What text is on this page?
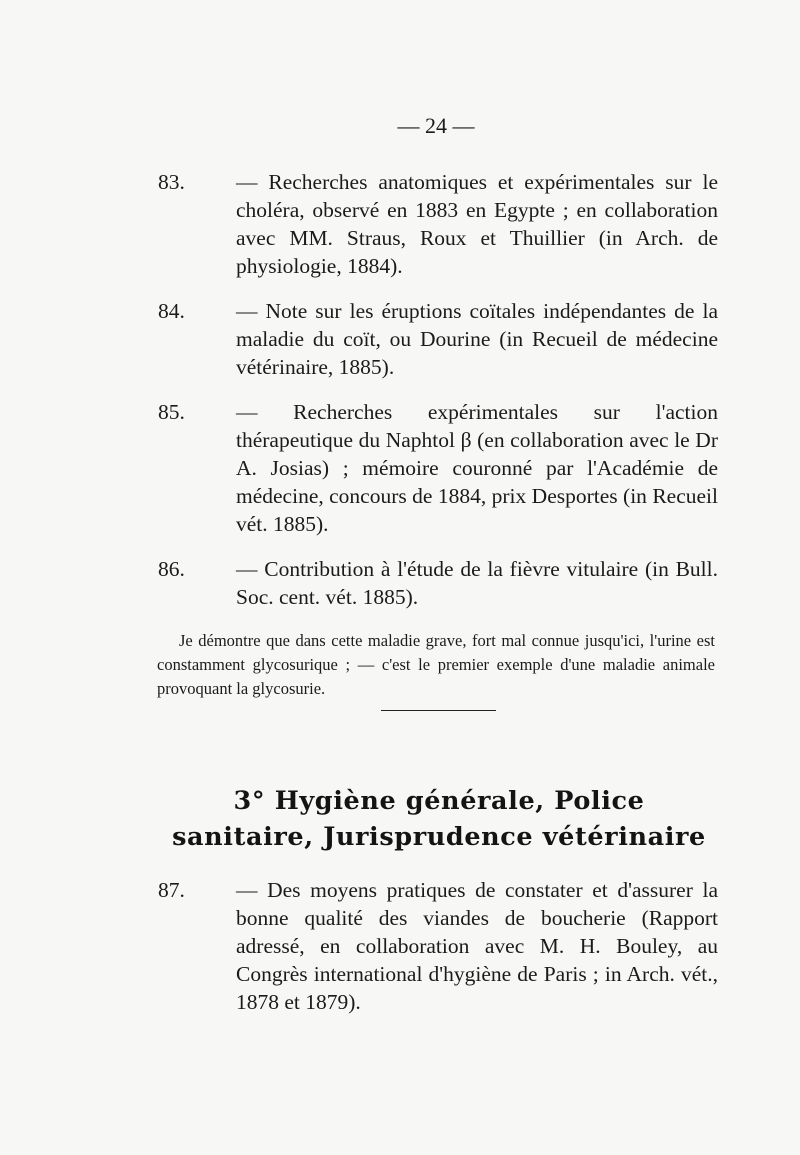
— 24 —
83. — Recherches anatomiques et expérimentales sur le choléra, observé en 1883 en Egypte ; en collaboration avec MM. Straus, Roux et Thuillier (in Arch. de physiologie, 1884).
84. — Note sur les éruptions coïtales indépendantes de la maladie du coït, ou Dourine (in Recueil de médecine vétérinaire, 1885).
85. — Recherches expérimentales sur l'action thérapeutique du Naphtol β (en collaboration avec le Dr A. Josias) ; mémoire couronné par l'Académie de médecine, concours de 1884, prix Desportes (in Recueil vét. 1885).
86. — Contribution à l'étude de la fièvre vitulaire (in Bull. Soc. cent. vét. 1885).

Je démontre que dans cette maladie grave, fort mal connue jusqu'ici, l'urine est constamment glycosurique ; — c'est le premier exemple d'une maladie animale provoquant la glycosurie.

3° Hygiène générale, Police sanitaire, Jurisprudence vétérinaire
87. — Des moyens pratiques de constater et d'assurer la bonne qualité des viandes de boucherie (Rapport adressé, en collaboration avec M. H. Bouley, au Congrès international d'hygiène de Paris ; in Arch. vét., 1878 et 1879).
